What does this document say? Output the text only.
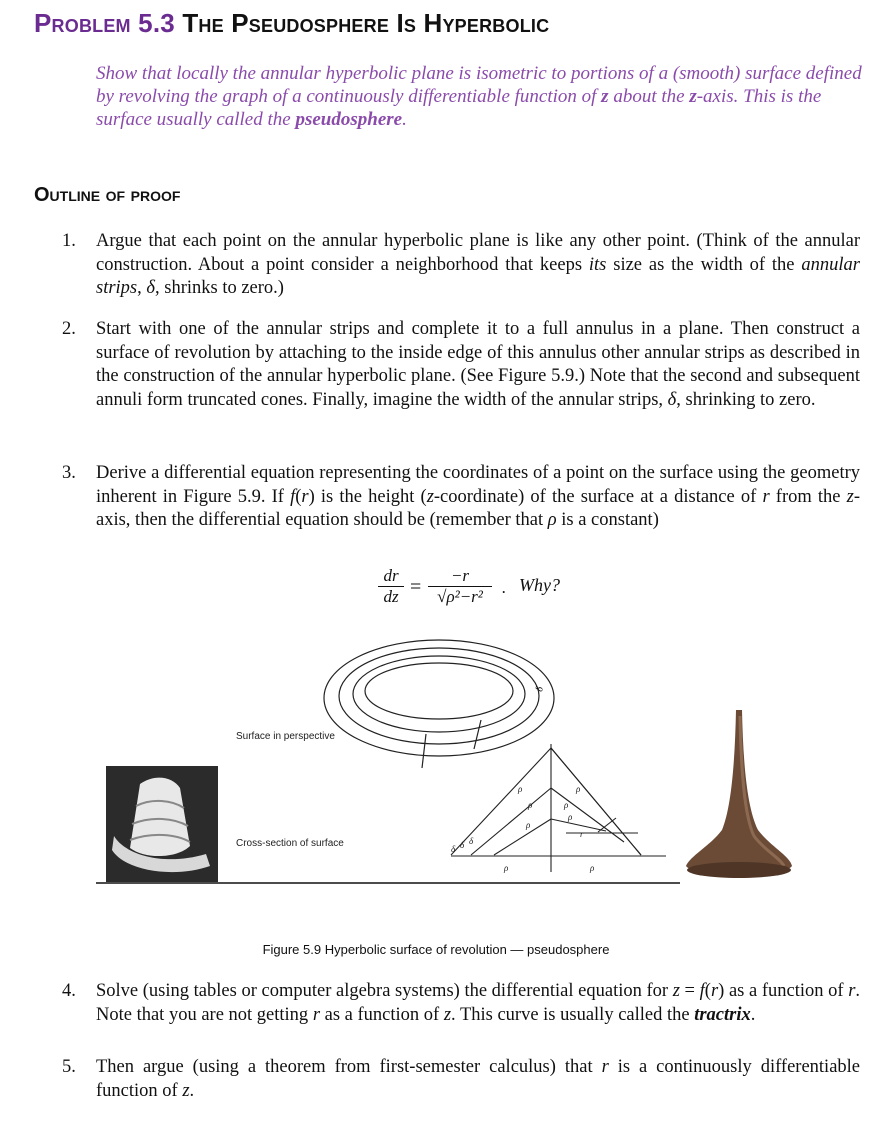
Problem 5.3 The Pseudosphere Is Hyperbolic
Show that locally the annular hyperbolic plane is isometric to portions of a (smooth) surface defined by revolving the graph of a continuously differentiable function of z about the z-axis. This is the surface usually called the pseudosphere.
Outline of proof
1. Argue that each point on the annular hyperbolic plane is like any other point. (Think of the annular construction. About a point consider a neighborhood that keeps its size as the width of the annular strips, δ, shrinks to zero.)
2. Start with one of the annular strips and complete it to a full annulus in a plane. Then construct a surface of revolution by attaching to the inside edge of this annulus other annular strips as described in the construction of the annular hyperbolic plane. (See Figure 5.9.) Note that the second and subsequent annuli form truncated cones. Finally, imagine the width of the annular strips, δ, shrinking to zero.
3. Derive a differential equation representing the coordinates of a point on the surface using the geometry inherent in Figure 5.9. If f(r) is the height (z-coordinate) of the surface at a distance of r from the z-axis, then the differential equation should be (remember that ρ is a constant)
$\frac{dr}{dz} = \frac{-r}{\text{√ρ²−r²}}$ . Why?
δ
ρ
ρ
ρ
ρ
ρ
ρ
ρ	ρ
r
δ δ δ
Surface in perspective
Cross-section of surface
Figure 5.9 Hyperbolic surface of revolution — pseudosphere
4. Solve (using tables or computer algebra systems) the differential equation for z = f(r) as a function of r. Note that you are not getting r as a function of z. This curve is usually called the tractrix.
5. Then argue (using a theorem from first-semester calculus) that r is a continuously differentiable function of z.
